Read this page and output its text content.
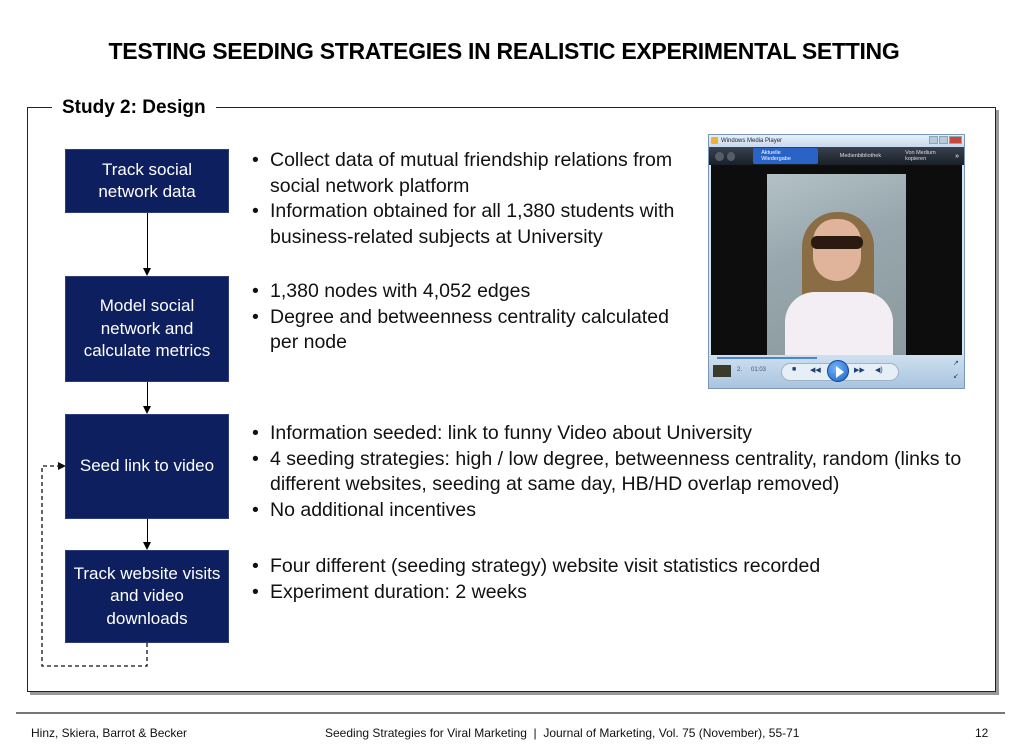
TESTING SEEDING STRATEGIES IN REALISTIC EXPERIMENTAL SETTING
Study 2: Design
Track social network data
Model social network and calculate metrics
Seed link to video
Track website visits and video downloads
• Collect data of mutual friendship relations from social network platform
• Information obtained for all 1,380 students with business-related subjects at University
• 1,380 nodes with 4,052 edges
• Degree and betweenness centrality calculated per node
• Information seeded: link to funny Video about University
• 4 seeding strategies: high / low degree, betweenness centrality, random (links to different websites, seeding at same day, HB/HD overlap removed)
• No additional incentives
• Four different (seeding strategy) website visit statistics recorded
• Experiment duration: 2 weeks
Windows Media Player
Aktuelle Wiedergabe	Medienbibliothek	Von Medium kopieren	»
2. 01:03	■ ◀◀	▶▶ ◀)
↗
↙
Hinz, Skiera, Barrot & Becker	Seeding Strategies for Viral Marketing  |  Journal of Marketing, Vol. 75 (November), 55-71	12
